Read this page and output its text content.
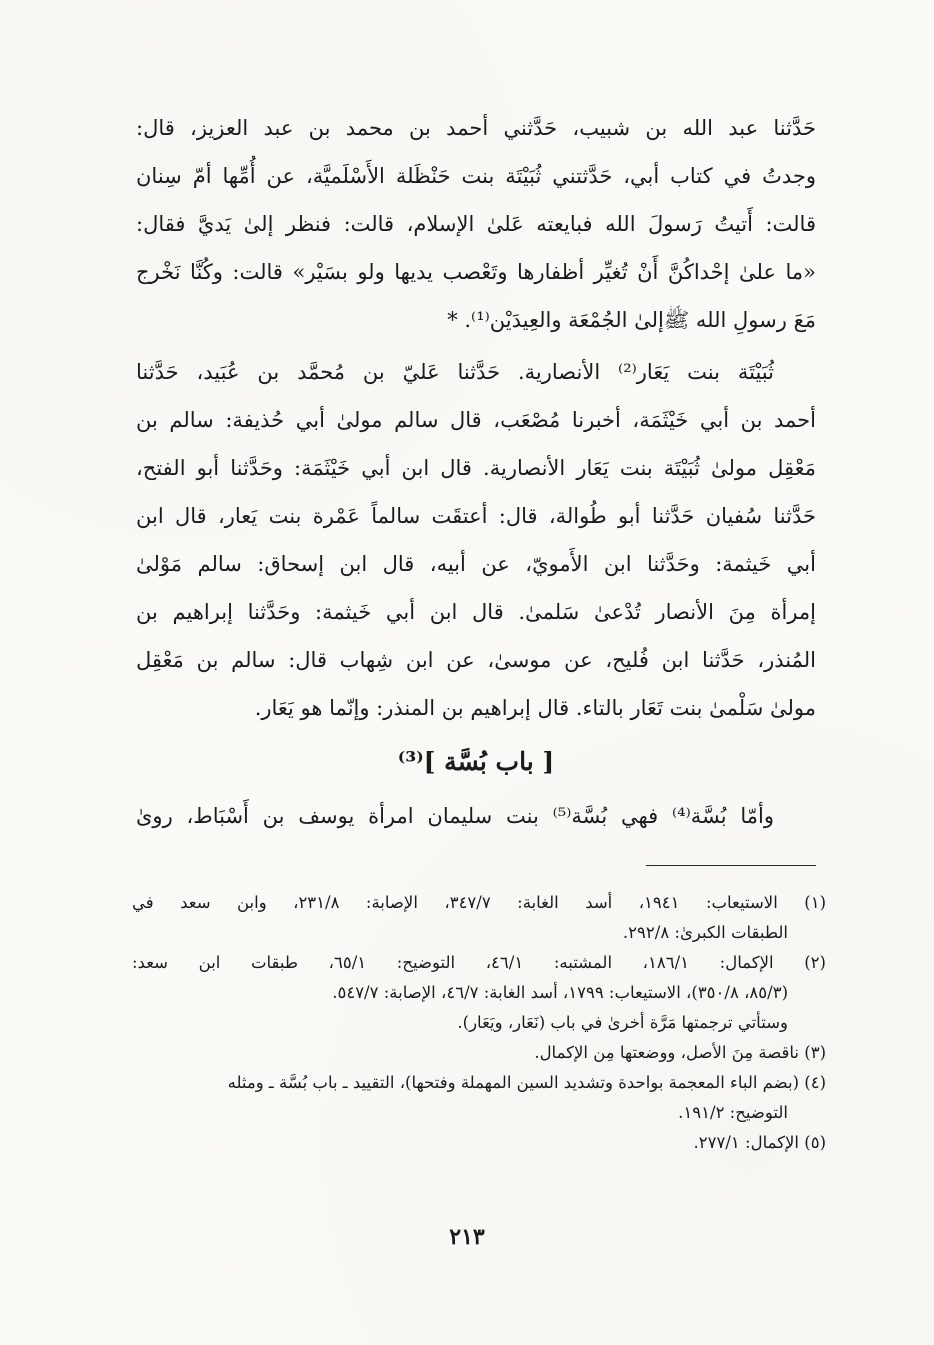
حَدَّثنا عبد الله بن شبيب، حَدَّثني أحمد بن محمد بن عبد العزيز، قال:
وجدتُ في كتاب أبي، حَدَّثتني ثُبَيْتَة بنت حَنْظَلة الأَسْلَميَّة، عن أُمِّها أمّ سِنان
قالت: أَتيتُ رَسولَ الله فبايعته عَلىٰ الإسلام، قالت: فنظر إلىٰ يَديَّ فقال:
«ما علىٰ إحْداكُنَّ أَنْ تُغيِّر أظفارها وتَعْصب يديها ولو بسَيْر» قالت: وكُنَّا نَخْرج
مَعَ رسولِ الله ﷺإلىٰ الجُمْعَة والعِيدَيْن⁽¹⁾. *
ثُبَيْتَة بنت يَعَار⁽²⁾ الأنصارية. حَدَّثنا عَليّ بن مُحمَّد بن عُبَيد، حَدَّثنا
أحمد بن أبي خَيْثَمَة، أخبرنا مُصْعَب، قال سالم مولىٰ أبي حُذيفة: سالم بن
مَعْقِل مولىٰ ثُبَيْتَة بنت يَعَار الأنصارية. قال ابن أبي خَيْثَمَة: وحَدَّثنا أبو الفتح،
حَدَّثنا سُفيان حَدَّثنا أبو طُوالة، قال: أعتقَت سالماً عَمْرة بنت يَعار، قال ابن
أبي خَيثمة: وحَدَّثنا ابن الأَمويّ، عن أبيه، قال ابن إسحاق: سالم مَوْلىٰ
إمرأة مِنَ الأنصار تُدْعىٰ سَلمىٰ. قال ابن أبي خَيثمة: وحَدَّثنا إبراهيم بن
المُنذر، حَدَّثنا ابن فُليح، عن موسىٰ، عن ابن شِهاب قال: سالم بن مَعْقِل
مولىٰ سَلْمىٰ بنت تَعَار بالتاء. قال إبراهيم بن المنذر: وإنّما هو يَعَار.
[ باب بُسَّة ]⁽³⁾
وأمّا بُسَّة⁽⁴⁾ فهي بُسَّة⁽⁵⁾ بنت سليمان امرأة يوسف بن أَسْبَاط، روىٰ
(١) الاستيعاب: ١٩٤١، أسد الغابة: ٣٤٧/٧، الإصابة: ٢٣١/٨، وابن سعد في
الطبقات الكبرىٰ: ٢٩٢/٨.
(٢) الإكمال: ١٨٦/١، المشتبه: ٤٦/١، التوضيح: ٦٥/١، طبقات ابن سعد:
(٨٥/٣، ٣٥٠/٨)، الاستيعاب: ١٧٩٩، أسد الغابة: ٤٦/٧، الإصابة: ٥٤٧/٧.
وستأتي ترجمتها مَرَّة أخرىٰ في باب (نَعَار، ويَعَار).
(٣) ناقصة مِنَ الأصل، ووضعتها مِن الإكمال.
(٤) (بضم الباء المعجمة بواحدة وتشديد السين المهملة وفتحها)، التقييد ـ باب بُسَّة ـ ومثله
التوضيح: ١٩١/٢.
(٥) الإكمال: ٢٧٧/١.
٢١٣
